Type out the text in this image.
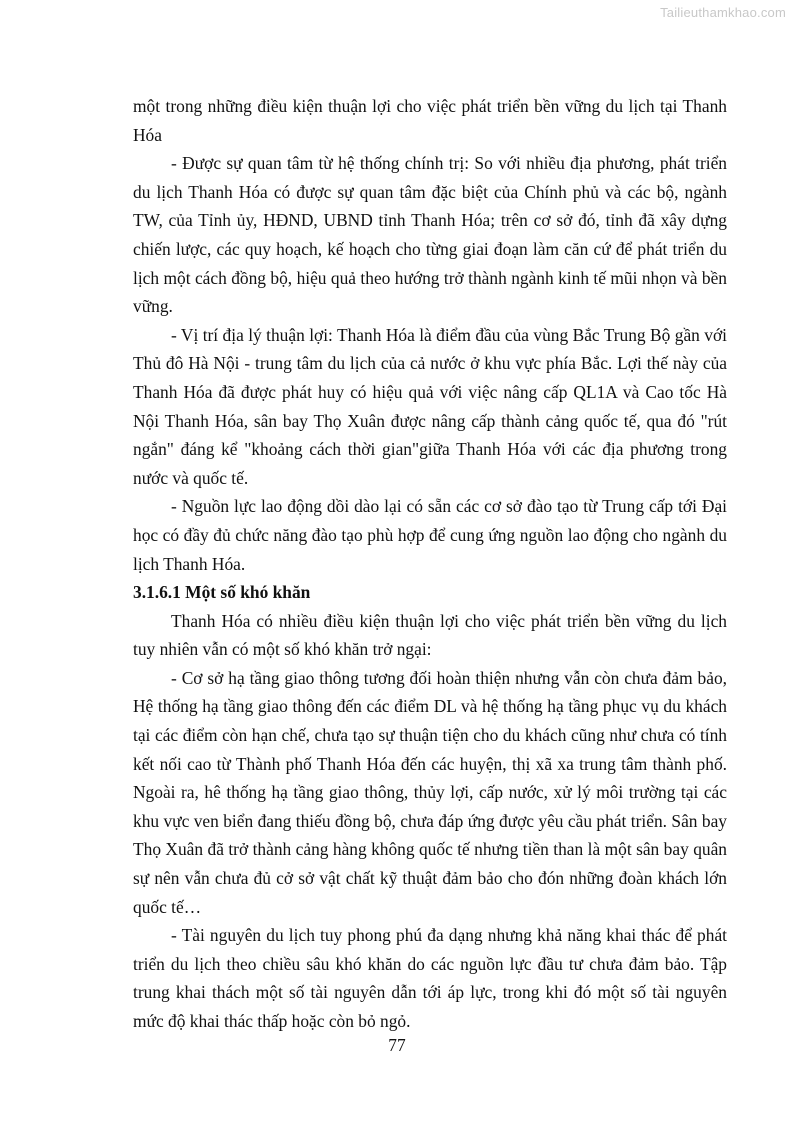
Tailieuthamkhao.com

một trong những điều kiện thuận lợi cho việc phát triển bền vững du lịch tại Thanh Hóa

- Được sự quan tâm từ hệ thống chính trị: So với nhiều địa phương, phát triển du lịch Thanh Hóa có được sự quan tâm đặc biệt của Chính phủ và các bộ, ngành TW, của Tỉnh ủy, HĐND, UBND tỉnh Thanh Hóa; trên cơ sở đó, tỉnh đã xây dựng chiến lược, các quy hoạch, kế hoạch cho từng giai đoạn làm căn cứ để phát triển du lịch một cách đồng bộ, hiệu quả theo hướng trở thành ngành kinh tế mũi nhọn và bền vững.

- Vị trí địa lý thuận lợi: Thanh Hóa là điểm đầu của vùng Bắc Trung Bộ gần với Thủ đô Hà Nội - trung tâm du lịch của cả nước ở khu vực phía Bắc. Lợi thế này của Thanh Hóa đã được phát huy có hiệu quả với việc nâng cấp QL1A và Cao tốc Hà Nội Thanh Hóa, sân bay Thọ Xuân được nâng cấp thành cảng quốc tế, qua đó "rút ngắn" đáng kể "khoảng cách thời gian"giữa Thanh Hóa với các địa phương trong nước và quốc tế.

- Nguồn lực lao động dồi dào lại có sẵn các cơ sở đào tạo từ Trung cấp tới Đại học có đầy đủ chức năng đào tạo phù hợp để cung ứng nguồn lao động cho ngành du lịch Thanh Hóa.

3.1.6.1 Một số khó khăn

Thanh Hóa có nhiều điều kiện thuận lợi cho việc phát triển bền vững du lịch tuy nhiên vẫn có một số khó khăn trở ngại:

- Cơ sở hạ tầng giao thông tương đối hoàn thiện nhưng vẫn còn chưa đảm bảo, Hệ thống hạ tầng giao thông đến các điểm DL và hệ thống hạ tầng phục vụ du khách tại các điểm còn hạn chế, chưa tạo sự thuận tiện cho du khách cũng như chưa có tính kết nối cao từ Thành phố Thanh Hóa đến các huyện, thị xã xa trung tâm thành phố. Ngoài ra, hê thống hạ tầng giao thông, thủy lợi, cấp nước, xử lý môi trường tại các khu vực ven biển đang thiếu đồng bộ, chưa đáp ứng được yêu cầu phát triển. Sân bay Thọ Xuân đã trở thành cảng hàng không quốc tế nhưng tiền than là một sân bay quân sự nên vẫn chưa đủ cở sở vật chất kỹ thuật đảm bảo cho đón những đoàn khách lớn quốc tế…

- Tài nguyên du lịch tuy phong phú đa dạng nhưng khả năng khai thác để phát triển du lịch theo chiều sâu khó khăn do các nguồn lực đầu tư chưa đảm bảo. Tập trung khai thách một số tài nguyên dẫn tới áp lực, trong khi đó một số tài nguyên mức độ khai thác thấp hoặc còn bỏ ngỏ.

77
